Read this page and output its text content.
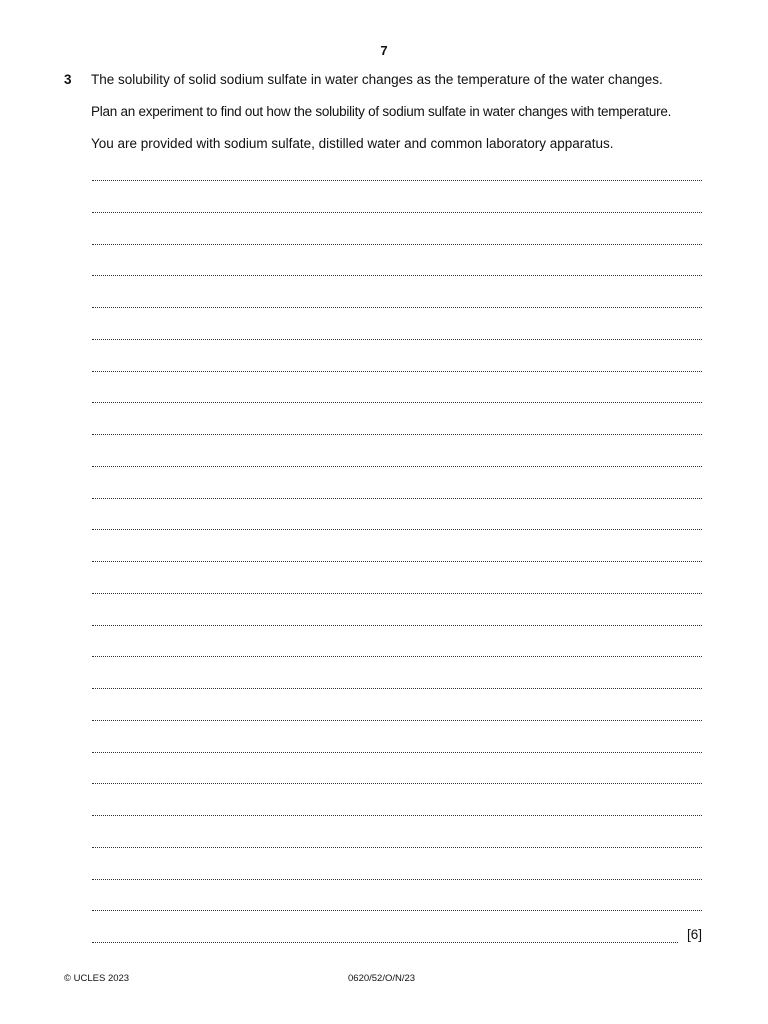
7
3 The solubility of solid sodium sulfate in water changes as the temperature of the water changes.
Plan an experiment to find out how the solubility of sodium sulfate in water changes with temperature.
You are provided with sodium sulfate, distilled water and common laboratory apparatus.
[6]
© UCLES 2023	0620/52/O/N/23
